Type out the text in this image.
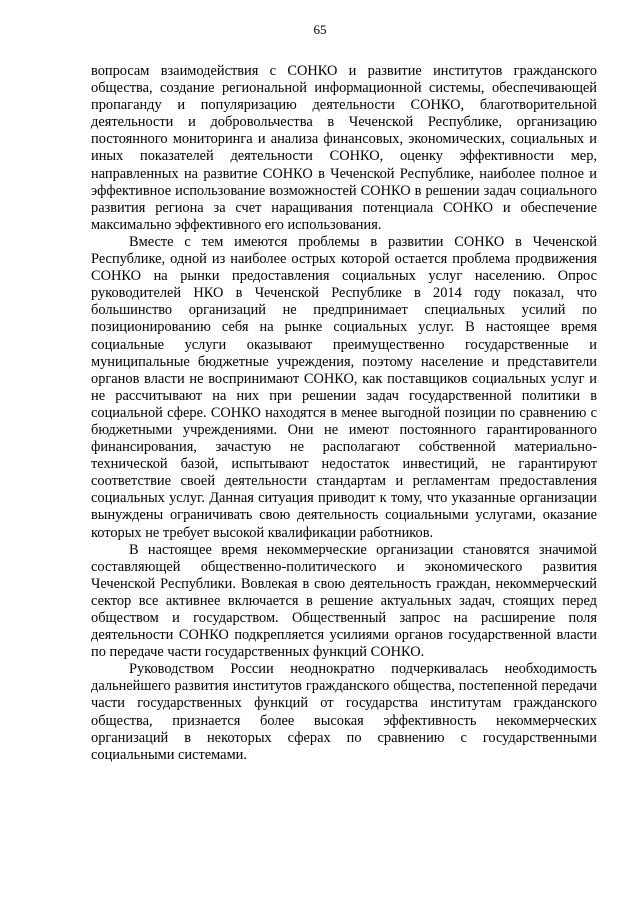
65

вопросам взаимодействия с СОНКО и развитие институтов гражданского общества, создание региональной информационной системы, обеспечивающей пропаганду и популяризацию деятельности СОНКО, благотворительной деятельности и добровольчества в Чеченской Республике, организацию постоянного мониторинга и анализа финансовых, экономических, социальных и иных показателей деятельности СОНКО, оценку эффективности мер, направленных на развитие СОНКО в Чеченской Республике, наиболее полное и эффективное использование возможностей СОНКО в решении задач социального развития региона за счет наращивания потенциала СОНКО и обеспечение максимально эффективного его использования.

Вместе с тем имеются проблемы в развитии СОНКО в Чеченской Республике, одной из наиболее острых которой остается проблема продвижения СОНКО на рынки предоставления социальных услуг населению. Опрос руководителей НКО в Чеченской Республике в 2014 году показал, что большинство организаций не предпринимает специальных усилий по позиционированию себя на рынке социальных услуг. В настоящее время социальные услуги оказывают преимущественно государственные и муниципальные бюджетные учреждения, поэтому население и представители органов власти не воспринимают СОНКО, как поставщиков социальных услуг и не рассчитывают на них при решении задач государственной политики в социальной сфере. СОНКО находятся в менее выгодной позиции по сравнению с бюджетными учреждениями. Они не имеют постоянного гарантированного финансирования, зачастую не располагают собственной материально-технической базой, испытывают недостаток инвестиций, не гарантируют соответствие своей деятельности стандартам и регламентам предоставления социальных услуг. Данная ситуация приводит к тому, что указанные организации вынуждены ограничивать свою деятельность социальными услугами, оказание которых не требует высокой квалификации работников.

В настоящее время некоммерческие организации становятся значимой составляющей общественно-политического и экономического развития Чеченской Республики. Вовлекая в свою деятельность граждан, некоммерческий сектор все активнее включается в решение актуальных задач, стоящих перед обществом и государством. Общественный запрос на расширение поля деятельности СОНКО подкрепляется усилиями органов государственной власти по передаче части государственных функций СОНКО.

Руководством России неоднократно подчеркивалась необходимость дальнейшего развития институтов гражданского общества, постепенной передачи части государственных функций от государства институтам гражданского общества, признается более высокая эффективность некоммерческих организаций в некоторых сферах по сравнению с государственными социальными системами.
